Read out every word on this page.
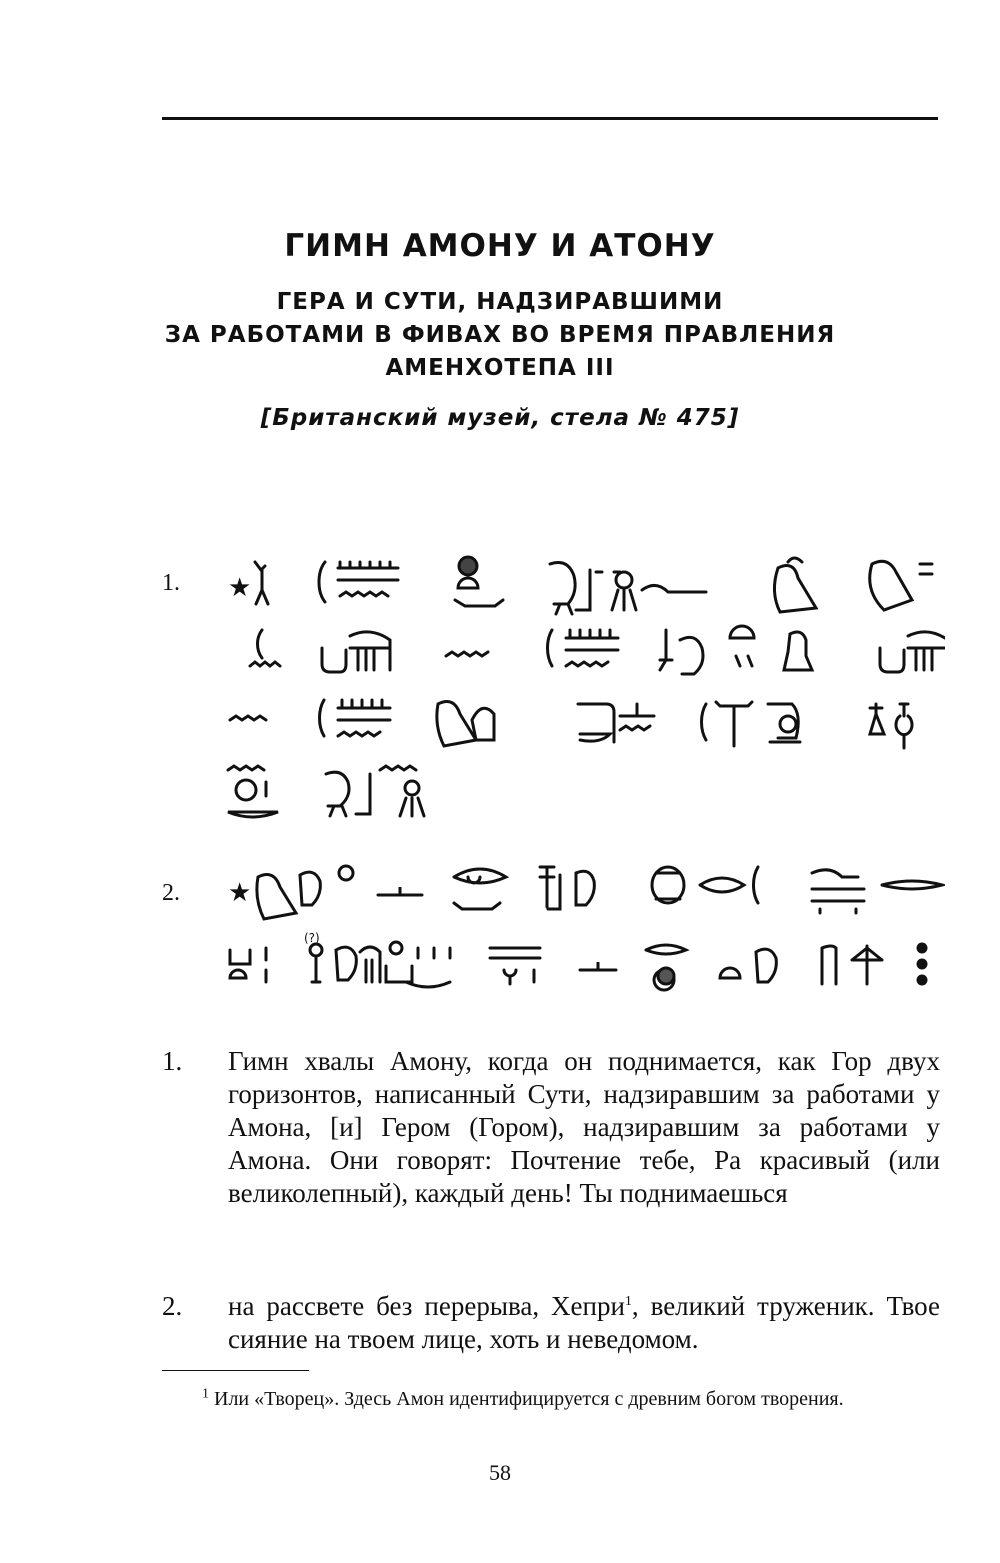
ГИМН АМОНУ И АТОНУ
ГЕРА И СУТИ, НАДЗИРАВШИМИ
ЗА РАБОТАМИ В ФИВАХ ВО ВРЕМЯ ПРАВЛЕНИЯ
АМЕНХОТЕПА III
[Британский музей, стела № 475]
1. ★
2. ★
(?)
1. Гимн хвалы Амону, когда он поднимается, как Гор двух горизонтов, написанный Сути, надзиравшим за работами у Амона, [и] Гером (Гором), надзиравшим за работами у Амона. Они говорят: Почтение тебе, Ра красивый (или великолепный), каждый день! Ты поднимаешься
2. на рассвете без перерыва, Хепри$^1$, великий труженик. Твое сияние на твоем лице, хоть и неведомом.
$^1$ Или «Творец». Здесь Амон идентифицируется с древним богом творения.
58
